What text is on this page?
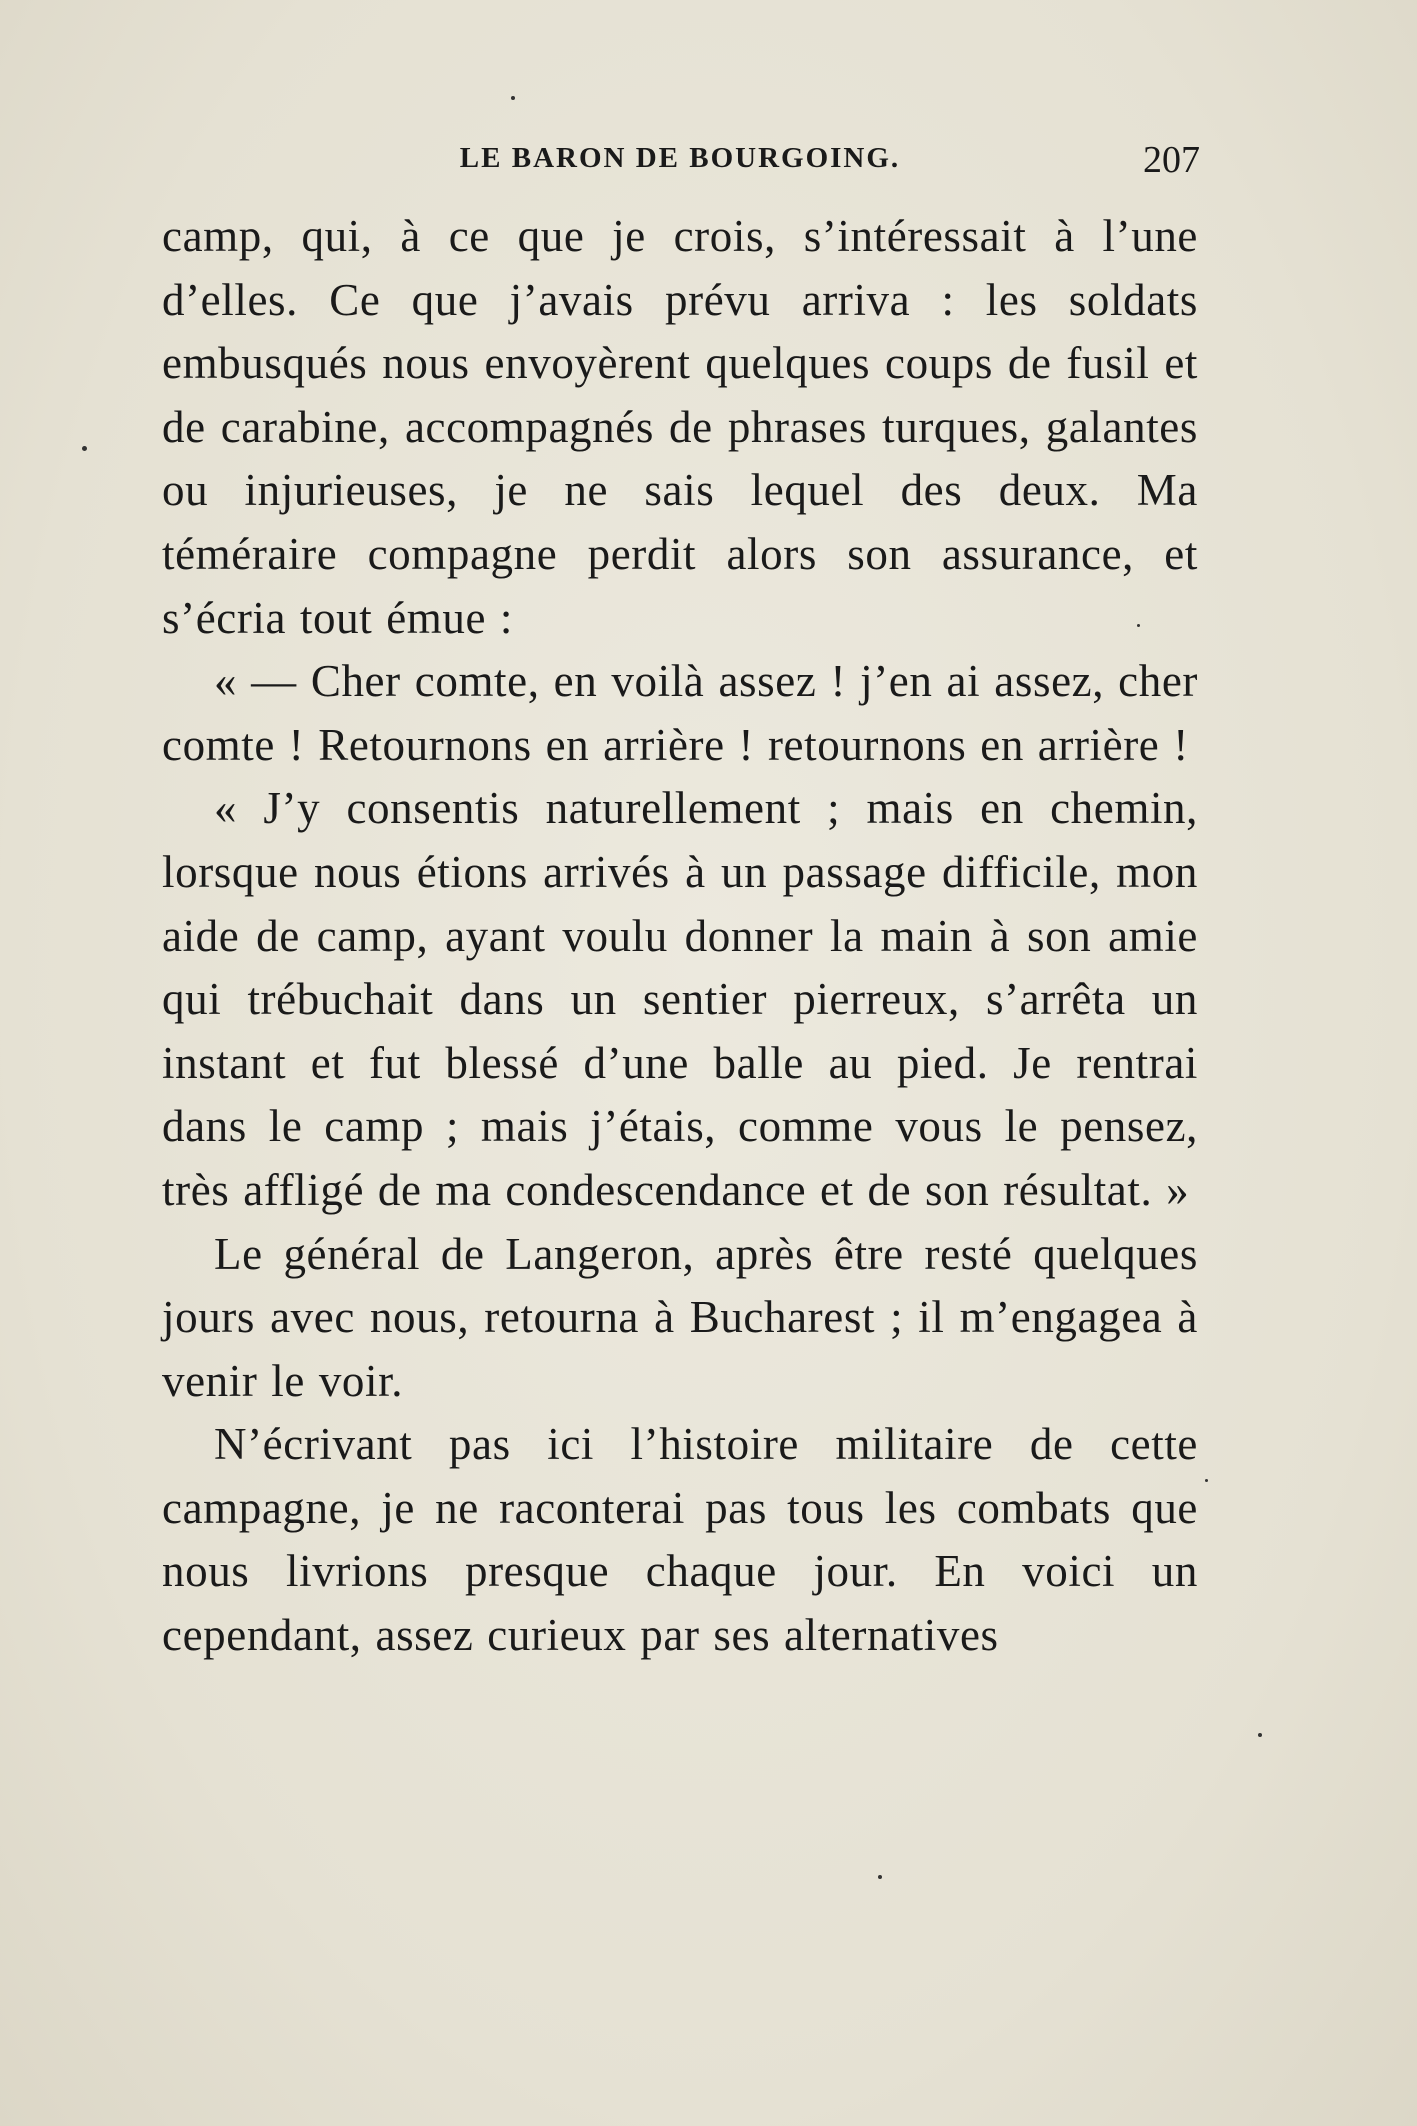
LE BARON DE BOURGOING.	207

camp, qui, à ce que je crois, s’intéressait à l’une d’elles. Ce que j’avais prévu arriva : les soldats embusqués nous envoyèrent quelques coups de fusil et de carabine, accompagnés de phrases turques, galantes ou injurieuses, je ne sais lequel des deux. Ma téméraire compagne perdit alors son assurance, et s’écria tout émue :

« — Cher comte, en voilà assez ! j’en ai assez, cher comte ! Retournons en arrière ! retournons en arrière !

« J’y consentis naturellement ; mais en chemin, lorsque nous étions arrivés à un passage difficile, mon aide de camp, ayant voulu donner la main à son amie qui trébuchait dans un sentier pierreux, s’arrêta un instant et fut blessé d’une balle au pied. Je rentrai dans le camp ; mais j’étais, comme vous le pensez, très affligé de ma condescendance et de son résultat. »

Le général de Langeron, après être resté quelques jours avec nous, retourna à Bucharest ; il m’engagea à venir le voir.

N’écrivant pas ici l’histoire militaire de cette campagne, je ne raconterai pas tous les combats que nous livrions presque chaque jour. En voici un cependant, assez curieux par ses alternatives
